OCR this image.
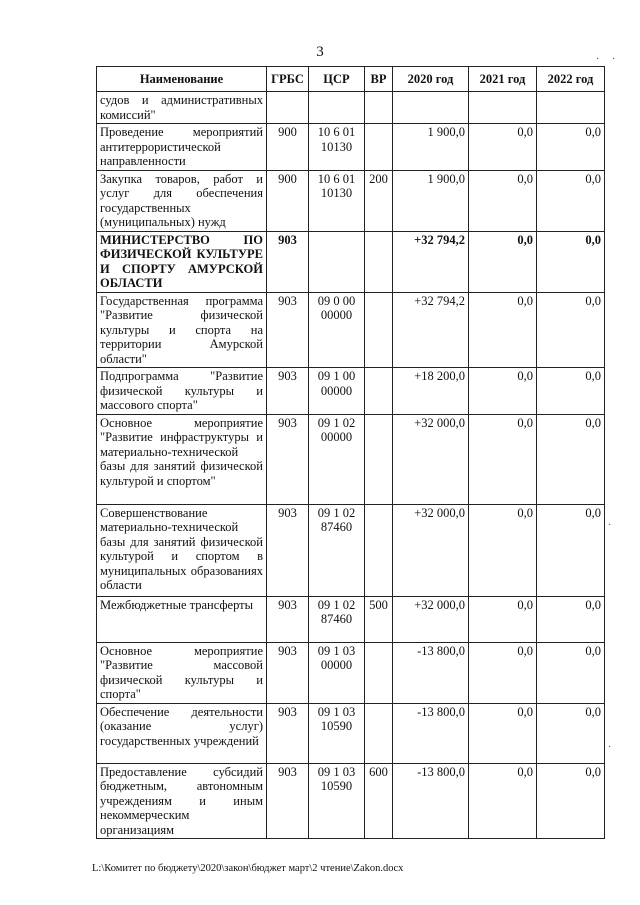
3
Наименование	ГРБС	ЦСР	ВР	2020 год	2021 год	2022 год
судов и административных комиссий"						
Проведение мероприятий антитеррористической направленности	900	10 6 01 10130		1 900,0	0,0	0,0
Закупка товаров, работ и услуг для обеспечения государственных (муниципальных) нужд	900	10 6 01 10130	200	1 900,0	0,0	0,0
МИНИСТЕРСТВО ПО ФИЗИЧЕСКОЙ КУЛЬТУРЕ И СПОРТУ АМУРСКОЙ ОБЛАСТИ	903			+32 794,2	0,0	0,0
Государственная программа "Развитие физической культуры и спорта на территории Амурской области"	903	09 0 00 00000		+32 794,2	0,0	0,0
Подпрограмма "Развитие физической культуры и массового спорта"	903	09 1 00 00000		+18 200,0	0,0	0,0
Основное мероприятие "Развитие инфраструктуры и материально-технической базы для занятий физической культурой и спортом"	903	09 1 02 00000		+32 000,0	0,0	0,0
Совершенствование материально-технической базы для занятий физической культурой и спортом в муниципальных образованиях области	903	09 1 02 87460		+32 000,0	0,0	0,0
Межбюджетные трансферты	903	09 1 02 87460	500	+32 000,0	0,0	0,0
Основное мероприятие "Развитие массовой физической культуры и спорта"	903	09 1 03 00000		-13 800,0	0,0	0,0
Обеспечение деятельности (оказание услуг) государственных учреждений	903	09 1 03 10590		-13 800,0	0,0	0,0
Предоставление субсидий бюджетным, автономным учреждениям и иным некоммерческим организациям	903	09 1 03 10590	600	-13 800,0	0,0	0,0
· ·
·
·
L:\Комитет по бюджету\2020\закон\бюджет март\2 чтение\Zakon.docx
